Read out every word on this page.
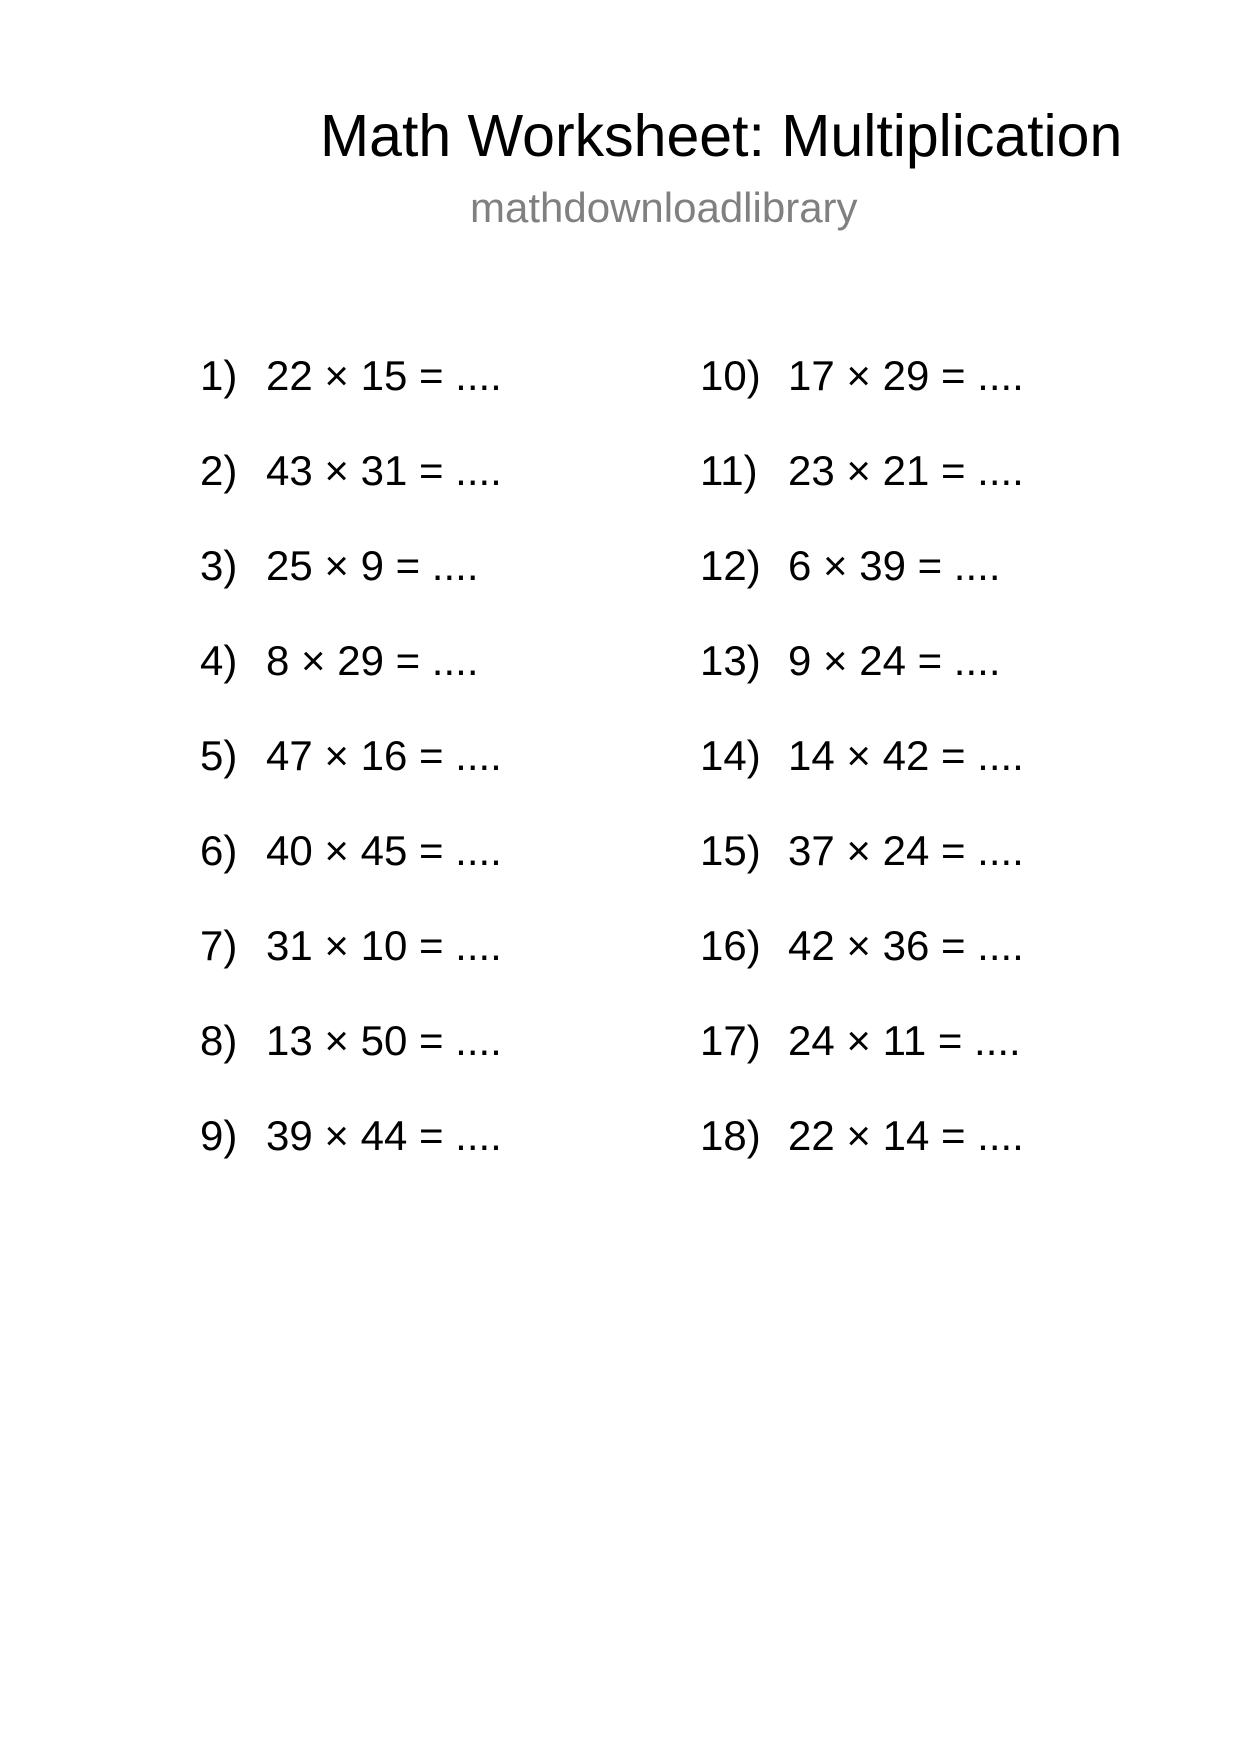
Math Worksheet: Multiplication
mathdownloadlibrary
1) 22 × 15 = ....
2) 43 × 31 = ....
3) 25 × 9 = ....
4) 8 × 29 = ....
5) 47 × 16 = ....
6) 40 × 45 = ....
7) 31 × 10 = ....
8) 13 × 50 = ....
9) 39 × 44 = ....
10) 17 × 29 = ....
11) 23 × 21 = ....
12) 6 × 39 = ....
13) 9 × 24 = ....
14) 14 × 42 = ....
15) 37 × 24 = ....
16) 42 × 36 = ....
17) 24 × 11 = ....
18) 22 × 14 = ....
